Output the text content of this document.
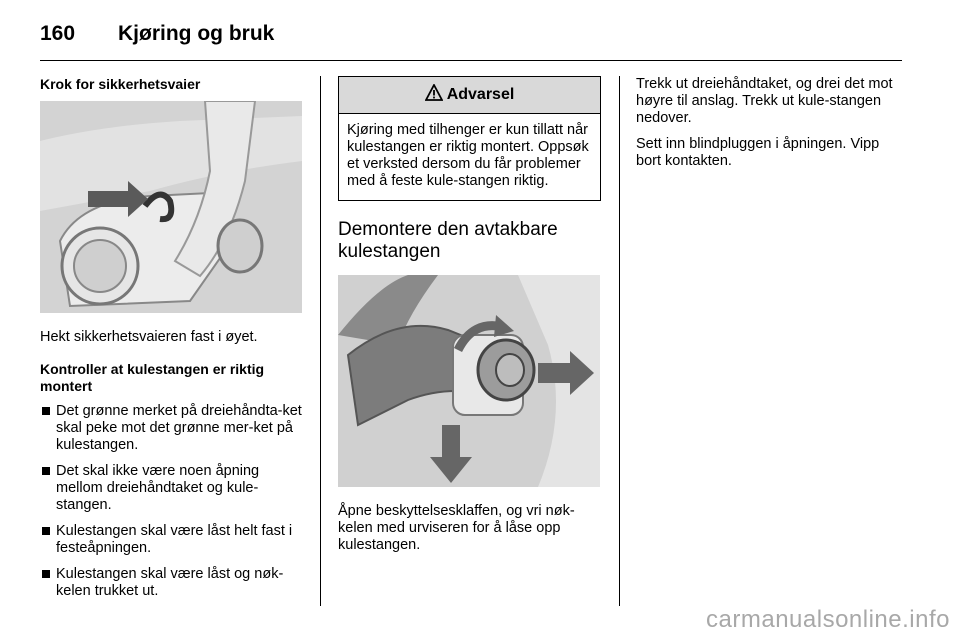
160 Kjøring og bruk
Krok for sikkerhetsvaier

Hekt sikkerhetsvaieren fast i øyet.

Kontroller at kulestangen er riktig montert
Det grønne merket på dreiehåndta-ket skal peke mot det grønne mer-ket på kulestangen.
Det skal ikke være noen åpning mellom dreiehåndtaket og kule-stangen.
Kulestangen skal være låst helt fast i festeåpningen.
Kulestangen skal være låst og nøk-kelen trukket ut.
Advarsel
Kjøring med tilhenger er kun tillatt når kulestangen er riktig montert. Oppsøk et verksted dersom du får problemer med å feste kule-stangen riktig.
Demontere den avtakbare kulestangen

Åpne beskyttelsesklaffen, og vri nøk-kelen med urviseren for å låse opp kulestangen.

Trekk ut dreiehåndtaket, og drei det mot høyre til anslag. Trekk ut kule-stangen nedover.

Sett inn blindpluggen i åpningen. Vipp bort kontakten.

carmanualsonline.info
